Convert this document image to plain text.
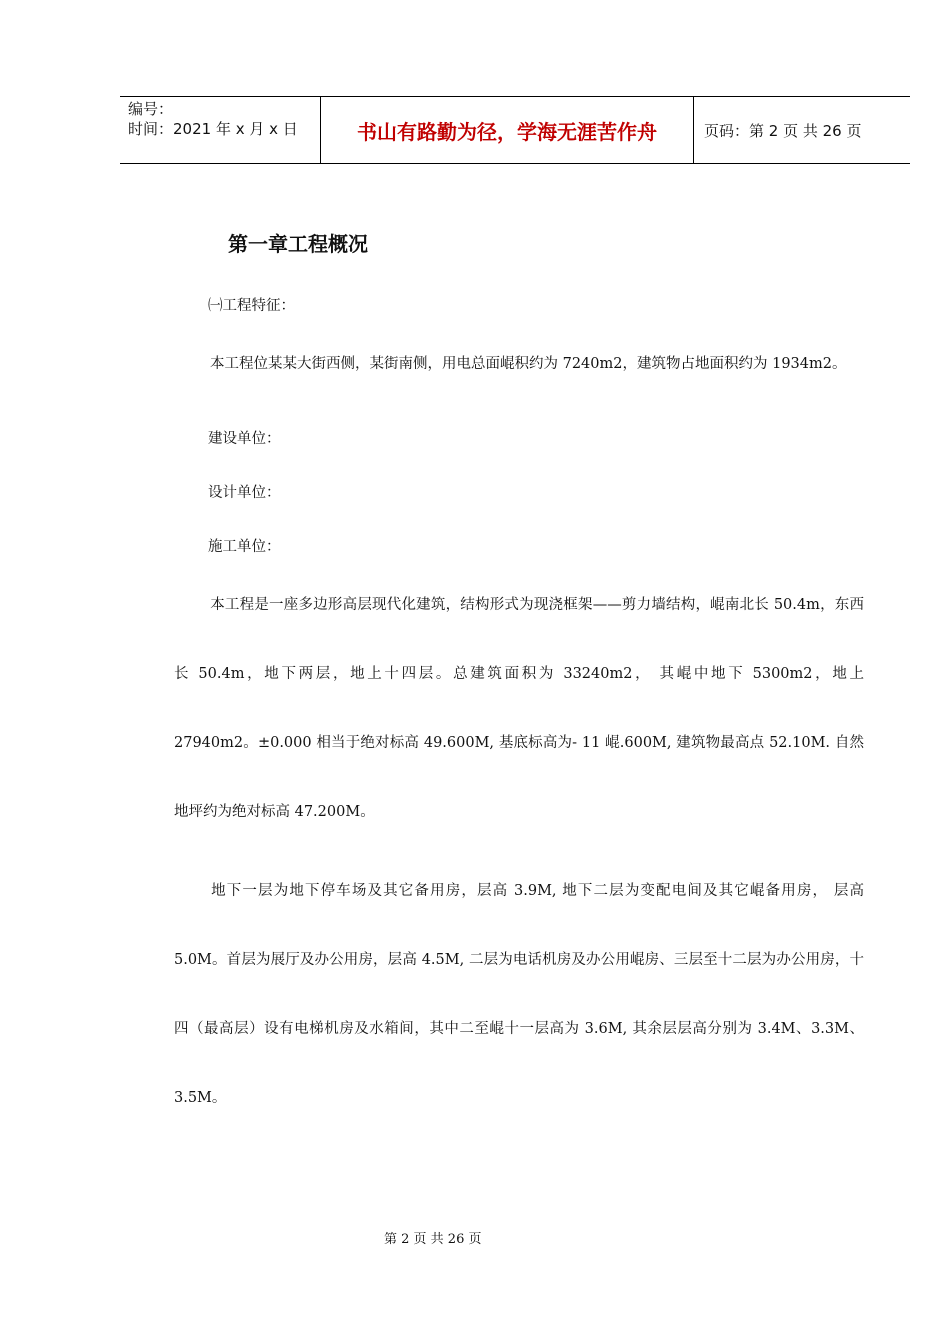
编号：
时间：2021 年 x 月 x 日	书山有路勤为径，学海无涯苦作舟	页码：第 2 页 共 26 页
第一章工程概况

㈠工程特征：

本工程位某某大街西侧，某街南侧，用电总面崐积约为 7240m2，建筑物占地面积约为 1934m2。

建设单位：

设计单位：

施工单位：

本工程是一座多边形高层现代化建筑，结构形式为现浇框架——剪力墙结构，崐南北长 50.4m，东西长 50.4m，地下两层，地上十四层。总建筑面积为 33240m2， 其崐中地下 5300m2，地上 27940m2。±0.000 相当于绝对标高 49.600M, 基底标高为- 11 崐.600M, 建筑物最高点 52.10M. 自然地坪约为绝对标高 47.200M。

地下一层为地下停车场及其它备用房，层高 3.9M, 地下二层为变配电间及其它崐备用房， 层高 5.0M。首层为展厅及办公用房，层高 4.5M, 二层为电话机房及办公用崐房、三层至十二层为办公用房，十四（最高层）设有电梯机房及水箱间，其中二至崐十一层高为 3.6M, 其余层层高分别为 3.4M、3.3M、3.5M。

第 2 页 共 26 页
